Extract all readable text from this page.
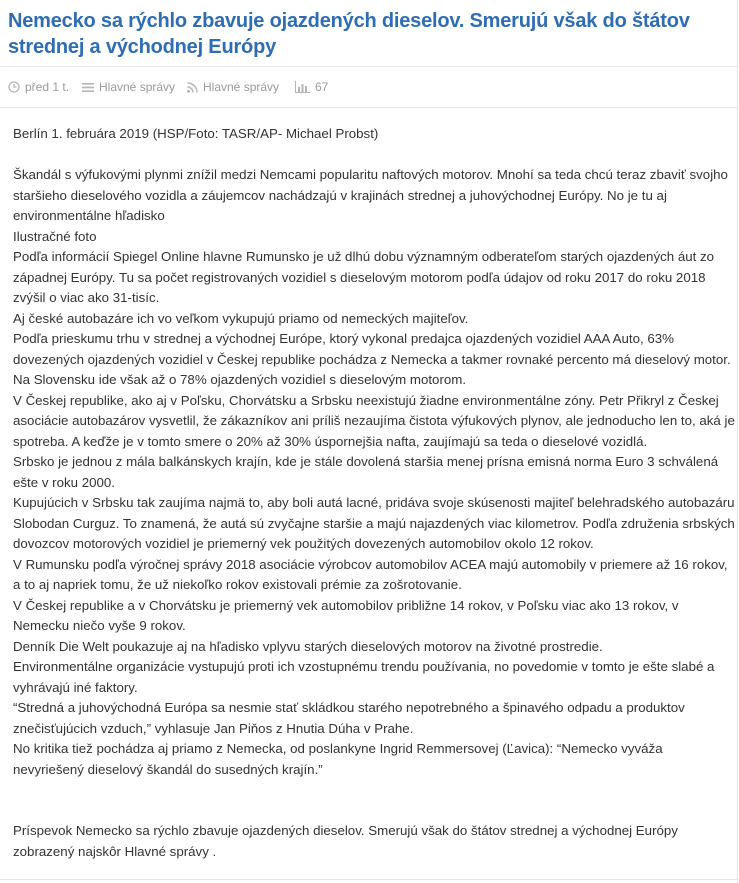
Nemecko sa rýchlo zbavuje ojazdených dieselov. Smerujú však do štátov strednej a východnej Európy
před 1 t. Hlavné správy Hlavné správy	67

Berlín 1. februára 2019 (HSP/Foto: TASR/AP- Michael Probst)

Škandál s výfukovými plynmi znížil medzi Nemcami popularitu naftových motorov. Mnohí sa teda chcú teraz zbaviť svojho staršieho dieselového vozidla a záujemcov nachádzajú v krajinách strednej a juhovýchodnej Európy. No je tu aj environmentálne hľadisko

Ilustračné foto

Podľa informácií Spiegel Online hlavne Rumunsko je už dlhú dobu významným odberateľom starých ojazdených áut zo západnej Európy. Tu sa počet registrovaných vozidiel s dieselovým motorom podľa údajov od roku 2017 do roku 2018 zvýšil o viac ako 31-tisíc.

Aj české autobazáre ich vo veľkom vykupujú priamo od nemeckých majiteľov.

Podľa prieskumu trhu v strednej a východnej Európe, ktorý vykonal predajca ojazdených vozidiel AAA Auto, 63% dovezených ojazdených vozidiel v Českej republike pochádza z Nemecka a takmer rovnaké percento má dieselový motor. Na Slovensku ide však až o 78% ojazdených vozidiel s dieselovým motorom.

V Českej republike, ako aj v Poľsku, Chorvátsku a Srbsku neexistujú žiadne environmentálne zóny. Petr Přikryl z Českej asociácie autobazárov vysvetlil, že zákazníkov ani príliš nezaujíma čistota výfukových plynov, ale jednoducho len to, aká je spotreba. A keďže je v tomto smere o 20% až 30% úspornejšia nafta, zaujímajú sa teda o dieselové vozidlá.

Srbsko je jednou z mála balkánskych krajín, kde je stále dovolená staršia menej prísna emisná norma Euro 3 schválená ešte v roku 2000.

Kupujúcich v Srbsku tak zaujíma najmä to, aby boli autá lacné, pridáva svoje skúsenosti majiteľ belehradského autobazáru Slobodan Curguz. To znamená, že autá sú zvyčajne staršie a majú najazdených viac kilometrov. Podľa združenia srbských dovozcov motorových vozidiel je priemerný vek použitých dovezených automobilov okolo 12 rokov.

V Rumunsku podľa výročnej správy 2018 asociácie výrobcov automobilov ACEA majú automobily v priemere až 16 rokov, a to aj napriek tomu, že už niekoľko rokov existovali prémie za zošrotovanie.

V Českej republike a v Chorvátsku je priemerný vek automobilov približne 14 rokov, v Poľsku viac ako 13 rokov, v Nemecku niečo vyše 9 rokov.

Denník Die Welt poukazuje aj na hľadisko vplyvu starých dieselových motorov na životné prostredie.

Environmentálne organizácie vystupujú proti ich vzostupnému trendu používania, no povedomie v tomto je ešte slabé a vyhrávajú iné faktory.

“Stredná a juhovýchodná Európa sa nesmie stať skládkou starého nepotrebného a špinavého odpadu a produktov znečisťujúcich vzduch,” vyhlasuje Jan Piňos z Hnutia Dúha v Prahe.

No kritika tiež pochádza aj priamo z Nemecka, od poslankyne Ingrid Remmersovej (Ľavica): “Nemecko vyváža nevyriešený dieselový škandál do susedných krajín.”

Príspevok Nemecko sa rýchlo zbavuje ojazdených dieselov. Smerujú však do štátov strednej a východnej Európy zobrazený najskôr Hlavné správy .
